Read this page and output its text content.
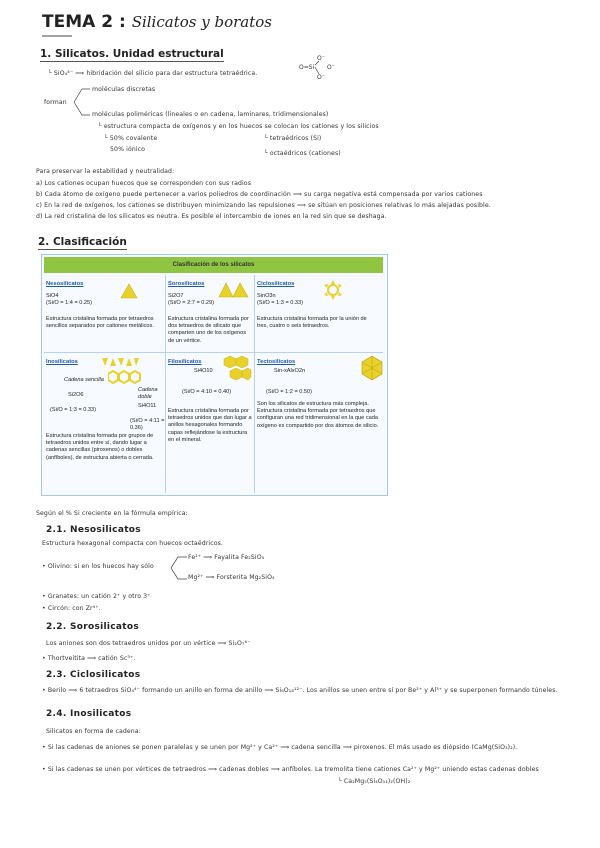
TEMA 2 : Silicatos y boratos
1. Silicatos. Unidad estructural
└ SiO₄⁴⁻ ⟹ hibridación del silicio para dar estructura tetraédrica.
O⁻
O=Si O⁻
O⁻
forman
moléculas discretas
moléculas poliméricas (lineales o en cadena, laminares, tridimensionales)
└ estructura compacta de oxígenos y en los huecos se colocan los cationes y los silicios
└ 50% covalente
50% iónico
└ tetraédricos (Si)
└ octaédricos (cationes)
Para preservar la estabilidad y neutralidad:
a) Los cationes ocupan huecos que se corresponden con sus radios
b) Cada átomo de oxígeno puede pertenecer a varios poliedros de coordinación ⟹ su carga negativa está compensada por varios cationes
c) En la red de oxígenos, los cationes se distribuyen minimizando las repulsiones ⟹ se sitúan en posiciones relativas lo más alejadas posible.
d) La red cristalina de los silicatos es neutra. Es posible el intercambio de iones en la red sin que se deshaga.
2. Clasificación
Clasificación de los silicatos
Nesosilicatos
SiO4
(Si/O = 1:4 = 0.25)
Estructura cristalina formada por tetraedros sencillos separados por cationes metálicos.
Sorosilicatos
Si2O7
(Si/O = 2:7 = 0.29)
Estructura cristalina formada por dos tetraedros de silicato que comparten uno de los oxígenos de un vértice.
Ciclosilicatos
SinO3n
(Si/O = 1:3 = 0.33)
Estructura cristalina formada por la unión de tres, cuatro o seis tetraedros.
Inosilicatos
Cadena sencilla
Cadena doble
Si2O6
Si4O11
(Si/O = 1:3 = 0.33)
(Si/O = 4:11 = 0.36)
Estructura cristalina formada por grupos de tetraedros unidos entre sí, dando lugar a cadenas sencillas (piroxenos) o dobles (anfíboles), de estructura abierta o cerrada.
Filosilicatos
Si4O10
(Si/O = 4:10 = 0.40)
Estructura cristalina formada por tetraedros unidos que dan lugar a anillos hexagonales formando capas reflejándose la estructura en el mineral.
Tectosilicatos
Sin-xAlxO2n
(Si/O = 1:2 = 0.50)
Son los silicatos de estructura más compleja. Estructura cristalina formada por tetraedros que configuran una red tridimensional en la que cada oxígeno es compartido por dos átomos de silicio.
Según el % Si creciente en la fórmula empírica:
2.1. Nesosilicatos
Estructura hexagonal compacta con huecos octaédricos.
• Olivino: si en los huecos hay sólo
Fe²⁺ ⟹ Fayalita Fe₂SiO₄
Mg²⁺ ⟹ Forsterita Mg₂SiO₄
• Granates: un catión 2⁺ y otro 3⁺
• Circón: con Zr⁴⁺.
2.2. Sorosilicatos
Los aniones son dos tetraedros unidos por un vértice ⟹ Si₂O₇⁶⁻
• Thortveitita ⟹ catión Sc³⁺.
2.3. Ciclosilicatos
• Berilo ⟹ 6 tetraedros SiO₄⁴⁻ formando un anillo en forma de anillo ⟹ Si₆O₁₈¹²⁻. Los anillos se unen entre sí por Be²⁺ y Al³⁺ y se superponen formando túneles.
2.4. Inosilicatos
Silicatos en forma de cadena:
• Si las cadenas de aniones se ponen paralelas y se unen por Mg²⁺ y Ca²⁺ ⟹ cadena sencilla ⟹ piroxenos. El más usado es diópsido (CaMg(SiO₃)₂).
• Si las cadenas se unen por vértices de tetraedros ⟹ cadenas dobles ⟹ anfíboles. La tremolita tiene cationes Ca²⁺ y Mg²⁺ uniendo estas cadenas dobles
└ Ca₂Mg₅(Si₄O₁₁)₂(OH)₂
